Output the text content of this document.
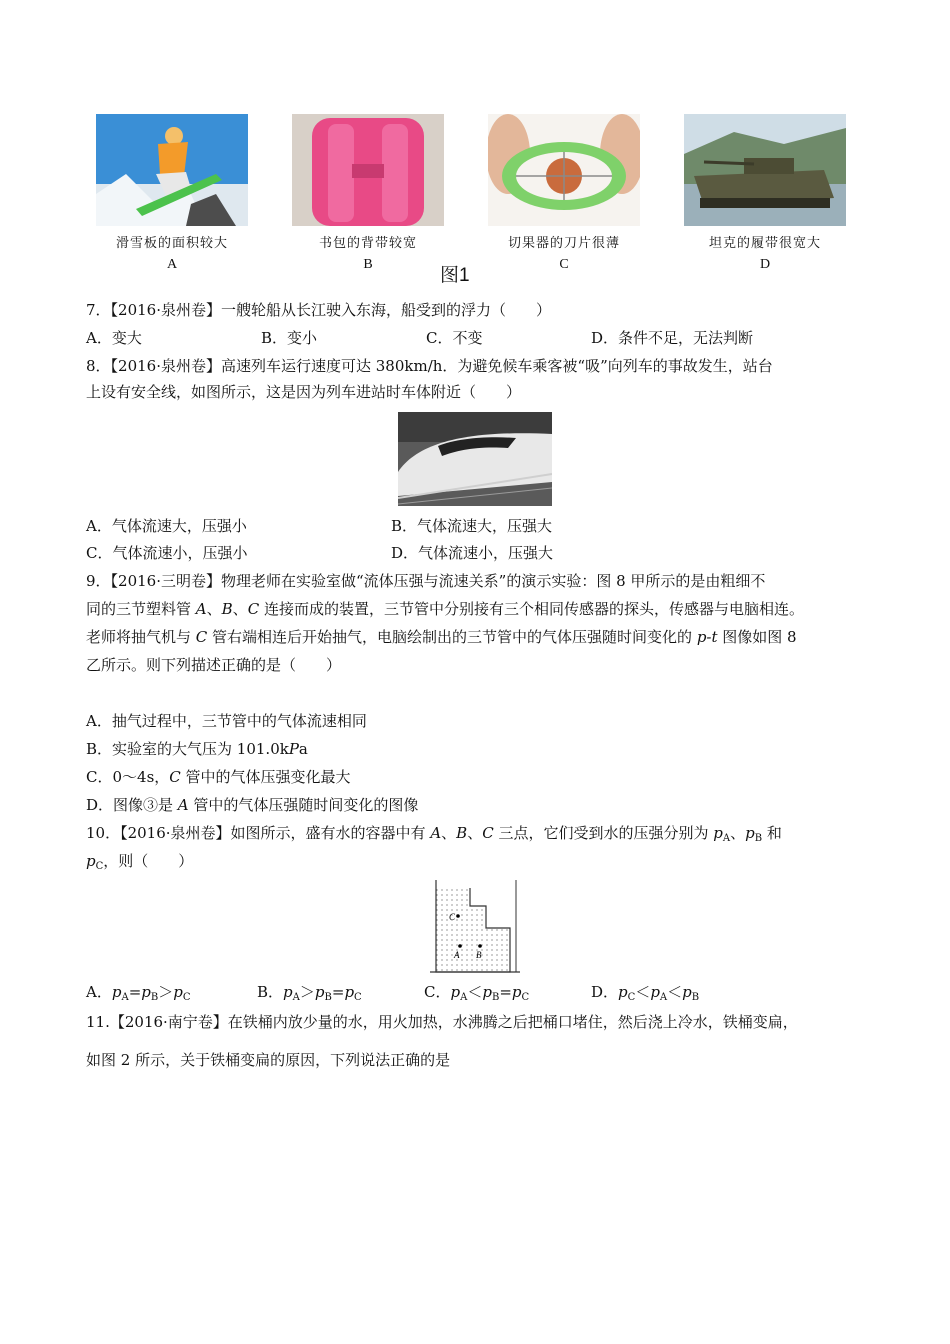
滑雪板的面积较大
A
书包的背带较宽
B
切果器的刀片很薄
C
坦克的履带很宽大
D
图1
7．【2016·泉州卷】一艘轮船从长江驶入东海，船受到的浮力（　　）
A．变大	B．变小	C．不变	D．条件不足，无法判断
8．【2016·泉州卷】高速列车运行速度可达 380km/h．为避免候车乘客被“吸”向列车的事故发生，站台
上设有安全线，如图所示，这是因为列车进站时车体附近（　　）
A．气体流速大，压强小	B．气体流速大，压强大
C．气体流速小，压强小	D．气体流速小，压强大
9．【2016·三明卷】物理老师在实验室做“流体压强与流速关系”的演示实验：图 8 甲所示的是由粗细不
同的三节塑料管 A、B、C 连接而成的装置，三节管中分别接有三个相同传感器的探头，传感器与电脑相连。
老师将抽气机与 C 管右端相连后开始抽气，电脑绘制出的三节管中的气体压强随时间变化的 p-t 图像如图 8
乙所示。则下列描述正确的是（　　）
A．抽气过程中，三节管中的气体流速相同
B．实验室的大气压为 101.0kPa
C．0～4s，C 管中的气体压强变化最大
D．图像③是 A 管中的气体压强随时间变化的图像
10．【2016·泉州卷】如图所示，盛有水的容器中有 A、B、C 三点，它们受到水的压强分别为 $p_A$、$p_B$ 和
$p_C$，则（　　）
C
A B
A．$p_A=p_B>p_C$	B．$p_A>p_B=p_C$	C．$p_A<p_B=p_C$	D．$p_C<p_A<p_B$
11.【2016·南宁卷】在铁桶内放少量的水，用火加热，水沸腾之后把桶口堵住，然后浇上冷水，铁桶变扁，
如图 2 所示，关于铁桶变扁的原因，下列说法正确的是
